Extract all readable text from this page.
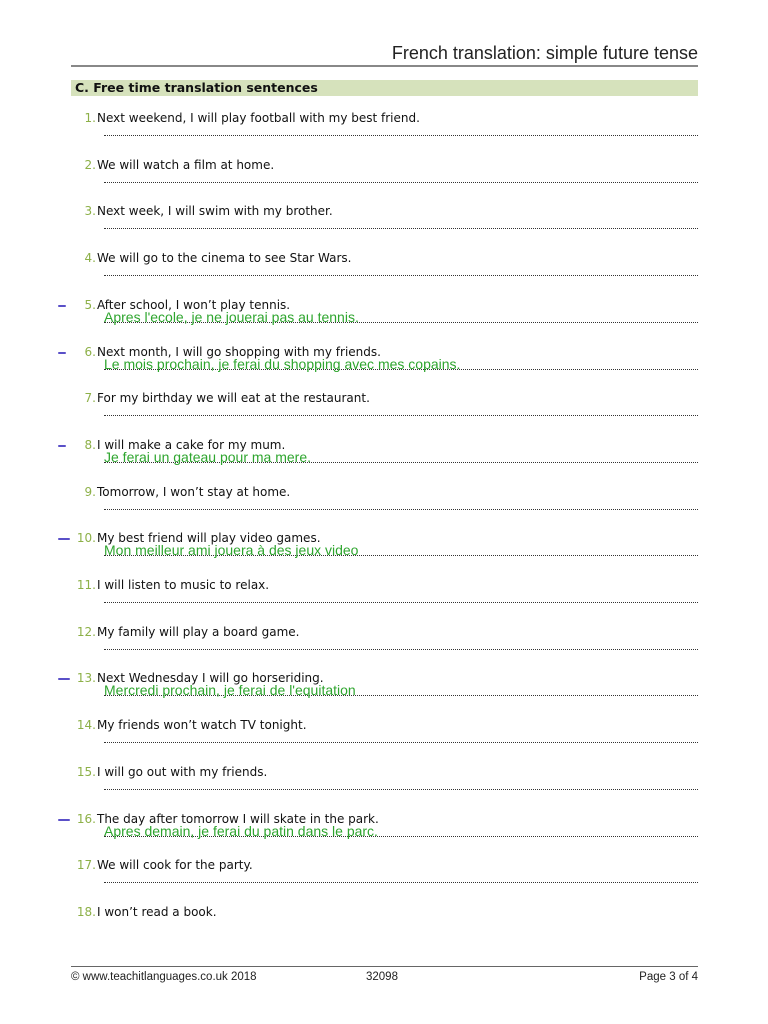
French translation: simple future tense
C. Free time translation sentences
1. Next weekend, I will play football with my best friend.
2. We will watch a film at home.
3. Next week, I will swim with my brother.
4. We will go to the cinema to see Star Wars.
5. After school, I won’t play tennis.
Apres l'ecole, je ne jouerai pas au tennis.
6. Next month, I will go shopping with my friends.
Le mois prochain, je ferai du shopping avec mes copains.
7. For my birthday we will eat at the restaurant.
8. I will make a cake for my mum.
Je ferai un gateau pour ma mere.
9. Tomorrow, I won’t stay at home.
10. My best friend will play video games.
Mon meilleur ami jouera à des jeux video
11. I will listen to music to relax.
12. My family will play a board game.
13. Next Wednesday I will go horseriding.
Mercredi prochain, je ferai de l'equitation
14. My friends won’t watch TV tonight.
15. I will go out with my friends.
16. The day after tomorrow I will skate in the park.
Apres demain, je ferai du patin dans le parc.
17. We will cook for the party.
18. I won’t read a book.
© www.teachitlanguages.co.uk 2018	32098	Page 3 of 4
